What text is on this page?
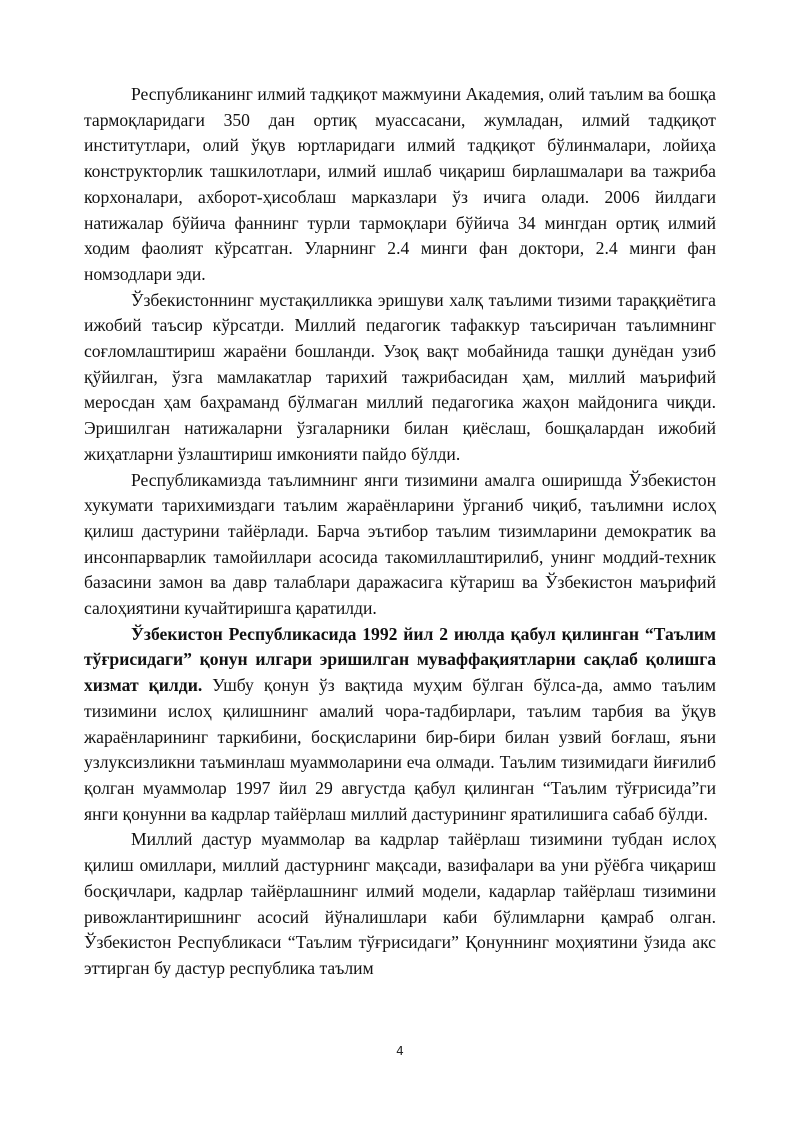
Республиканинг илмий тадқиқот мажмуини Академия, олий таълим ва бошқа тармоқларидаги 350 дан ортиқ муассасани, жумладан, илмий тадқиқот институтлари, олий ўқув юртларидаги илмий тадқиқот бўлинмалари, лойиҳа конструкторлик ташкилотлари, илмий ишлаб чиқариш бирлашмалари ва тажриба корхоналари, ахборот-ҳисоблаш марказлари ўз ичига олади. 2006 йилдаги натижалар бўйича фаннинг турли тармоқлари бўйича 34 мингдан ортиқ илмий ходим фаолият кўрсатган. Уларнинг 2.4 минги фан доктори, 2.4 минги фан номзодлари эди.

Ўзбекистоннинг мустақилликка эришуви халқ таълими тизими тараққиётига ижобий таъсир кўрсатди. Миллий педагогик тафаккур таъсиричан таълимнинг соғломлаштириш жараёни бошланди. Узоқ вақт мобайнида ташқи дунёдан узиб қўйилган, ўзга мамлакатлар тарихий тажрибасидан ҳам, миллий маърифий меросдан ҳам баҳраманд бўлмаган миллий педагогика жаҳон майдонига чиқди. Эришилган натижаларни ўзгаларники билан қиёслаш, бошқалардан ижобий жиҳатларни ўзлаштириш имконияти пайдо бўлди.

Республикамизда таълимнинг янги тизимини амалга оширишда Ўзбекистон хукумати тарихимиздаги таълим жараёнларини ўрганиб чиқиб, таълимни ислоҳ қилиш дастурини тайёрлади. Барча эътибор таълим тизимларини демократик ва инсонпарварлик тамойиллари асосида такомиллаштирилиб, унинг моддий-техник базасини замон ва давр талаблари даражасига кўтариш ва Ўзбекистон маърифий салоҳиятини кучайтиришга қаратилди.

Ўзбекистон Республикасида 1992 йил 2 июлда қабул қилинган “Таълим тўғрисидаги” қонун илгари эришилган муваффақиятларни сақлаб қолишга хизмат қилди. Ушбу қонун ўз вақтида муҳим бўлган бўлса-да, аммо таълим тизимини ислоҳ қилишнинг амалий чора-тадбирлари, таълим тарбия ва ўқув жараёнларининг таркибини, босқисларини бир-бири билан узвий боғлаш, яъни узлуксизликни таъминлаш муаммоларини еча олмади. Таълим тизимидаги йиғилиб қолган муаммолар 1997 йил 29 августда қабул қилинган “Таълим тўғрисида”ги янги қонунни ва кадрлар тайёрлаш миллий дастурининг яратилишига сабаб бўлди.

Миллий дастур муаммолар ва кадрлар тайёрлаш тизимини тубдан ислоҳ қилиш омиллари, миллий дастурнинг мақсади, вазифалари ва уни рўёбга чиқариш босқичлари, кадрлар тайёрлашнинг илмий модели, кадарлар тайёрлаш тизимини ривожлантиришнинг асосий йўналишлари каби бўлимларни қамраб олган. Ўзбекистон Республикаси “Таълим тўғрисидаги” Қонуннинг моҳиятини ўзида акс эттирган бу дастур республика таълим

4
